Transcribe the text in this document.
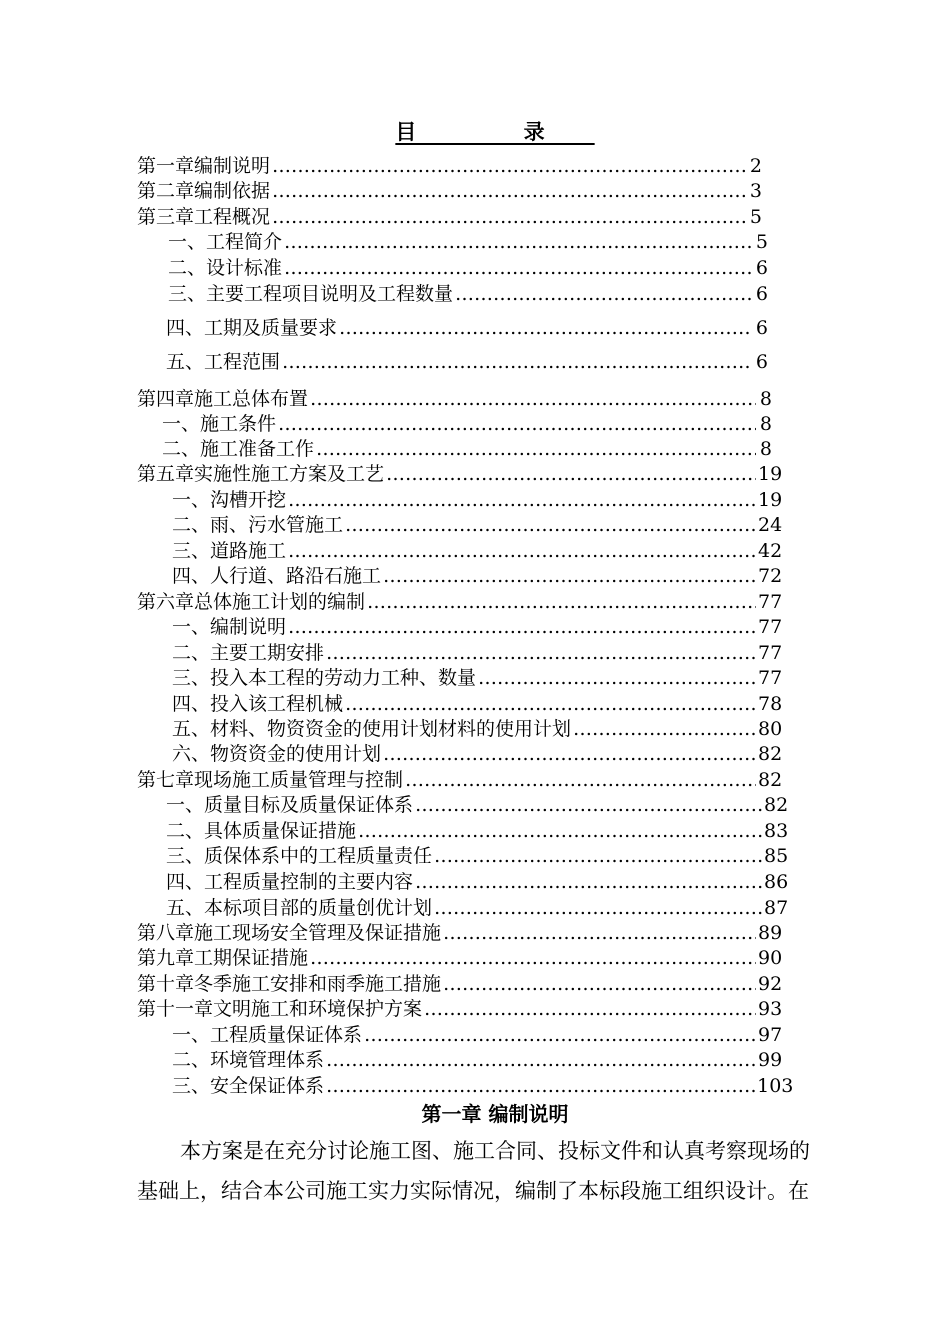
目 录
第一章 编制说明 …………………………………………………………………………………………………………………………………………………	2
第二章 编制依据 …………………………………………………………………………………………………………………………………………………	3
第三章 工程概况 …………………………………………………………………………………………………………………………………………………	5
一、 工程简介 …………………………………………………………………………………………………………………………………………………	5
二、 设计标准 …………………………………………………………………………………………………………………………………………………	6
三、 主要工程项目说明及工程数量 …………………………………………………………………………………………………………………………………………………	6
四、 工期及质量要求 …………………………………………………………………………………………………………………………………………………	6
五、 工程范围 …………………………………………………………………………………………………………………………………………………	6
第四章 施工总体布置 …………………………………………………………………………………………………………………………………………………	8
一、 施工条件 …………………………………………………………………………………………………………………………………………………	8
二、 施工准备工作 …………………………………………………………………………………………………………………………………………………	8
第五章 实施性施工方案及工艺 …………………………………………………………………………………………………………………………………………………	19
一、 沟槽开挖 …………………………………………………………………………………………………………………………………………………	19
二、 雨、污水管施工 …………………………………………………………………………………………………………………………………………………	24
三、 道路施工 …………………………………………………………………………………………………………………………………………………	42
四、 人行道、路沿石施工 …………………………………………………………………………………………………………………………………………………	72
第六章 总体施工计划的编制 …………………………………………………………………………………………………………………………………………………	77
一、 编制说明 …………………………………………………………………………………………………………………………………………………	77
二、 主要工期安排 …………………………………………………………………………………………………………………………………………………	77
三、 投入本工程的劳动力工种、数量 …………………………………………………………………………………………………………………………………………………	77
四、 投入该工程机械 …………………………………………………………………………………………………………………………………………………	78
五、 材料、物资资金的使用计划材料的使用计划 …………………………………………………………………………………………………………………………………………………	80
六、 物资资金的使用计划 …………………………………………………………………………………………………………………………………………………	82
第七章 现场施工质量管理与控制 …………………………………………………………………………………………………………………………………………………	82
一、 质量目标及质量保证体系 …………………………………………………………………………………………………………………………………………………	82
二、 具体质量保证措施 …………………………………………………………………………………………………………………………………………………	83
三、 质保体系中的工程质量责任 …………………………………………………………………………………………………………………………………………………	85
四、 工程质量控制的主要内容 …………………………………………………………………………………………………………………………………………………	86
五、 本标项目部的质量创优计划 …………………………………………………………………………………………………………………………………………………	87
第八章 施工现场安全管理及保证措施 …………………………………………………………………………………………………………………………………………………	89
第九章 工期保证措施 …………………………………………………………………………………………………………………………………………………	90
第十章 冬季施工安排和雨季施工措施 …………………………………………………………………………………………………………………………………………………	92
第十一章 文明施工和环境保护方案 …………………………………………………………………………………………………………………………………………………	93
一、 工程质量保证体系 …………………………………………………………………………………………………………………………………………………	97
二、 环境管理体系 …………………………………………………………………………………………………………………………………………………	99
三、 安全保证体系 …………………………………………………………………………………………………………………………………………………	103
第一章 编制说明
本方案是在充分讨论施工图、施工合同、投标文件和认真考察现场的
基础上，结合本公司施工实力实际情况，编制了本标段施工组织设计。在
